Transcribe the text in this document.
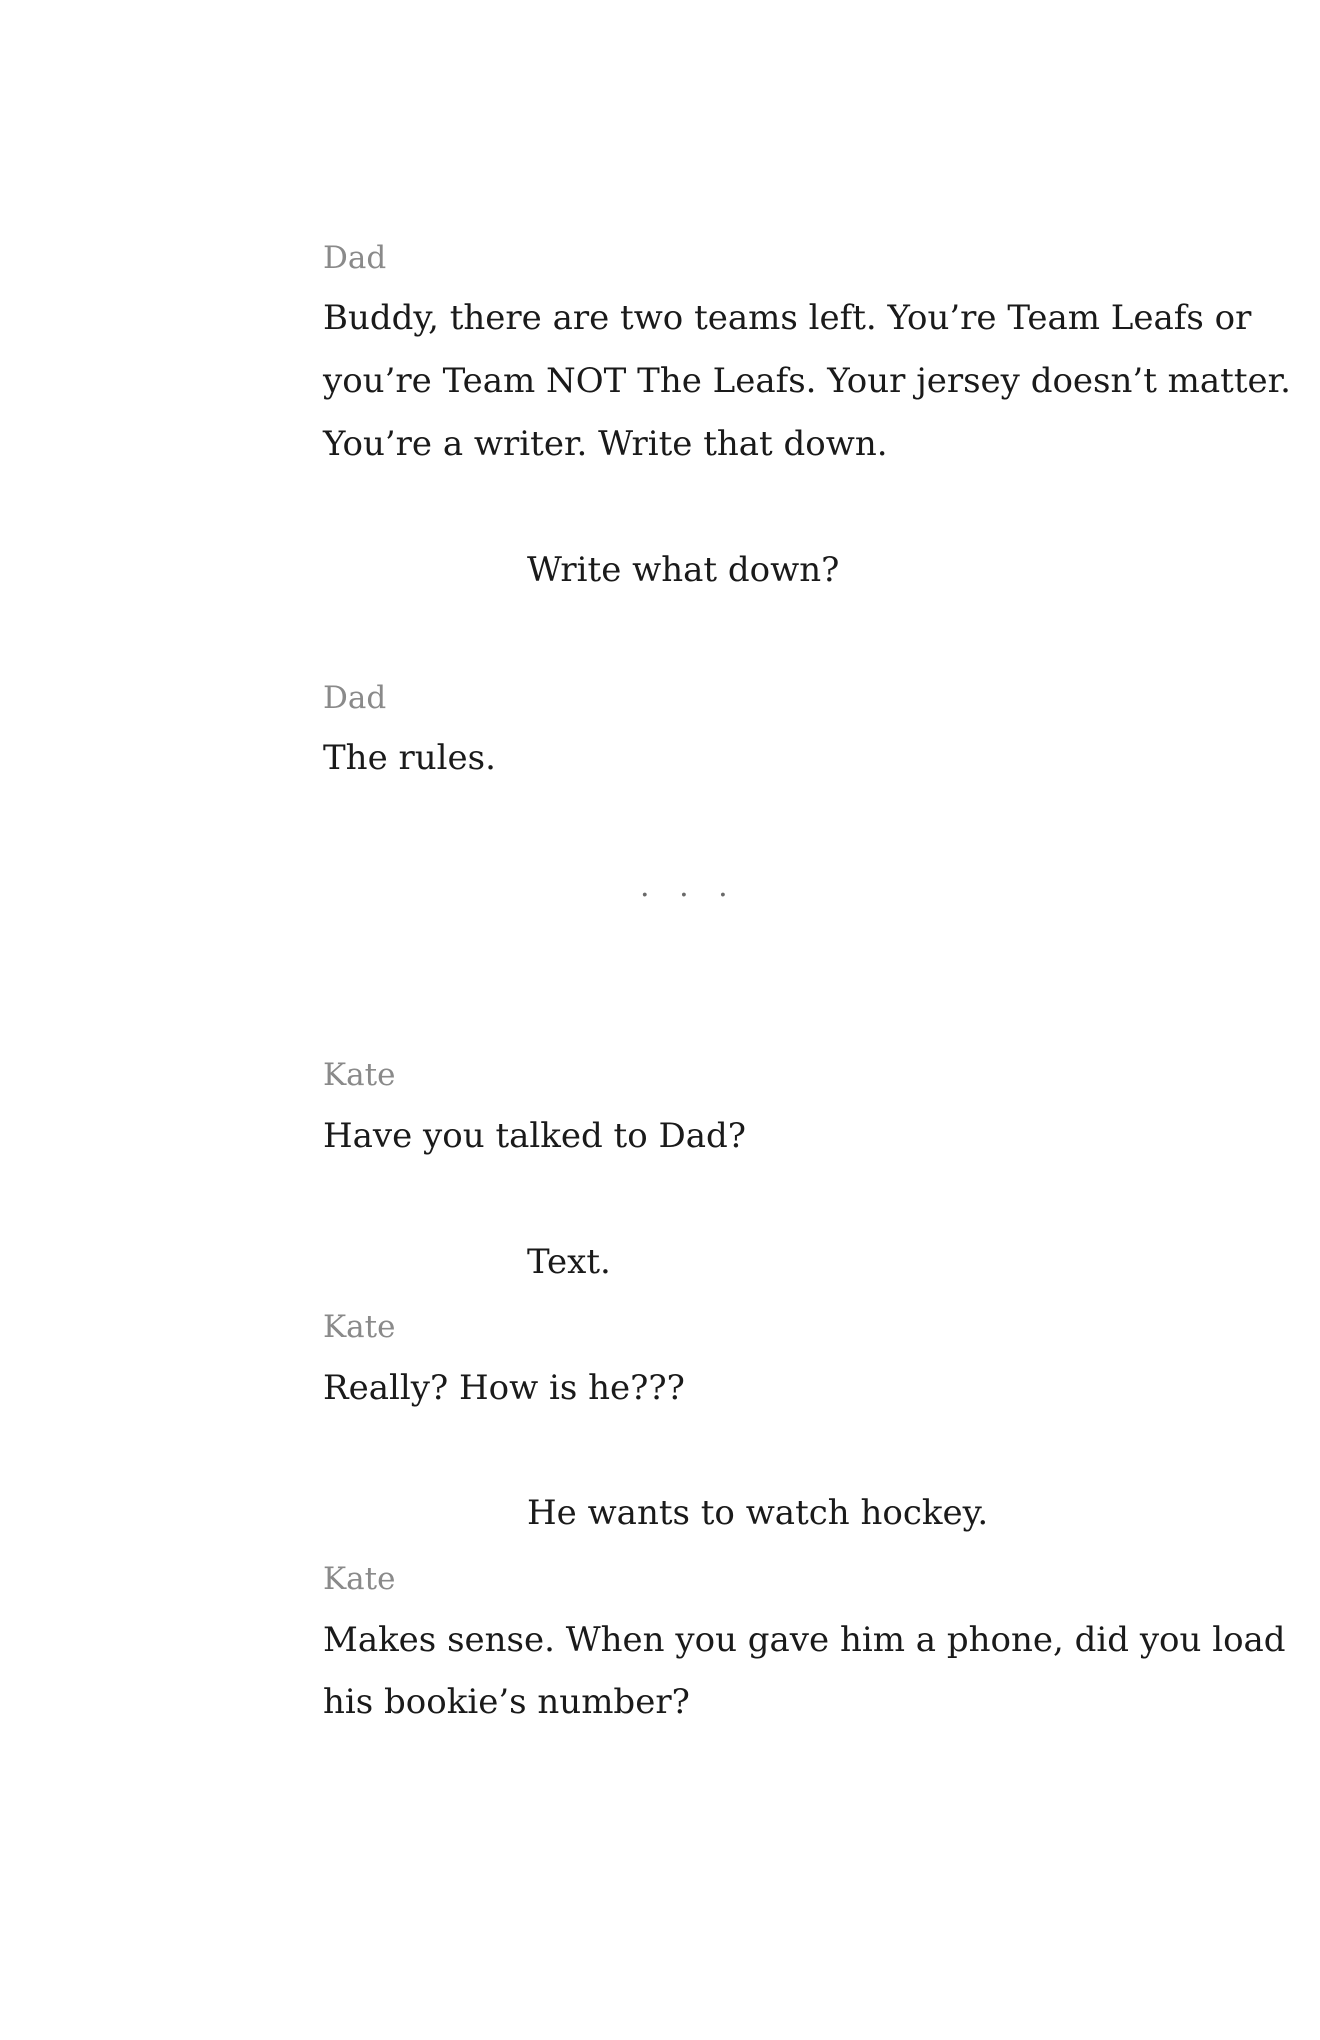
Dad
Buddy, there are two teams left. You’re Team Leafs or
you’re Team NOT The Leafs. Your jersey doesn’t matter.
You’re a writer. Write that down.
Write what down?
Dad
The rules.
. . .
Kate
Have you talked to Dad?
Text.
Kate
Really? How is he???
He wants to watch hockey.
Kate
Makes sense. When you gave him a phone, did you load
his bookie’s number?
